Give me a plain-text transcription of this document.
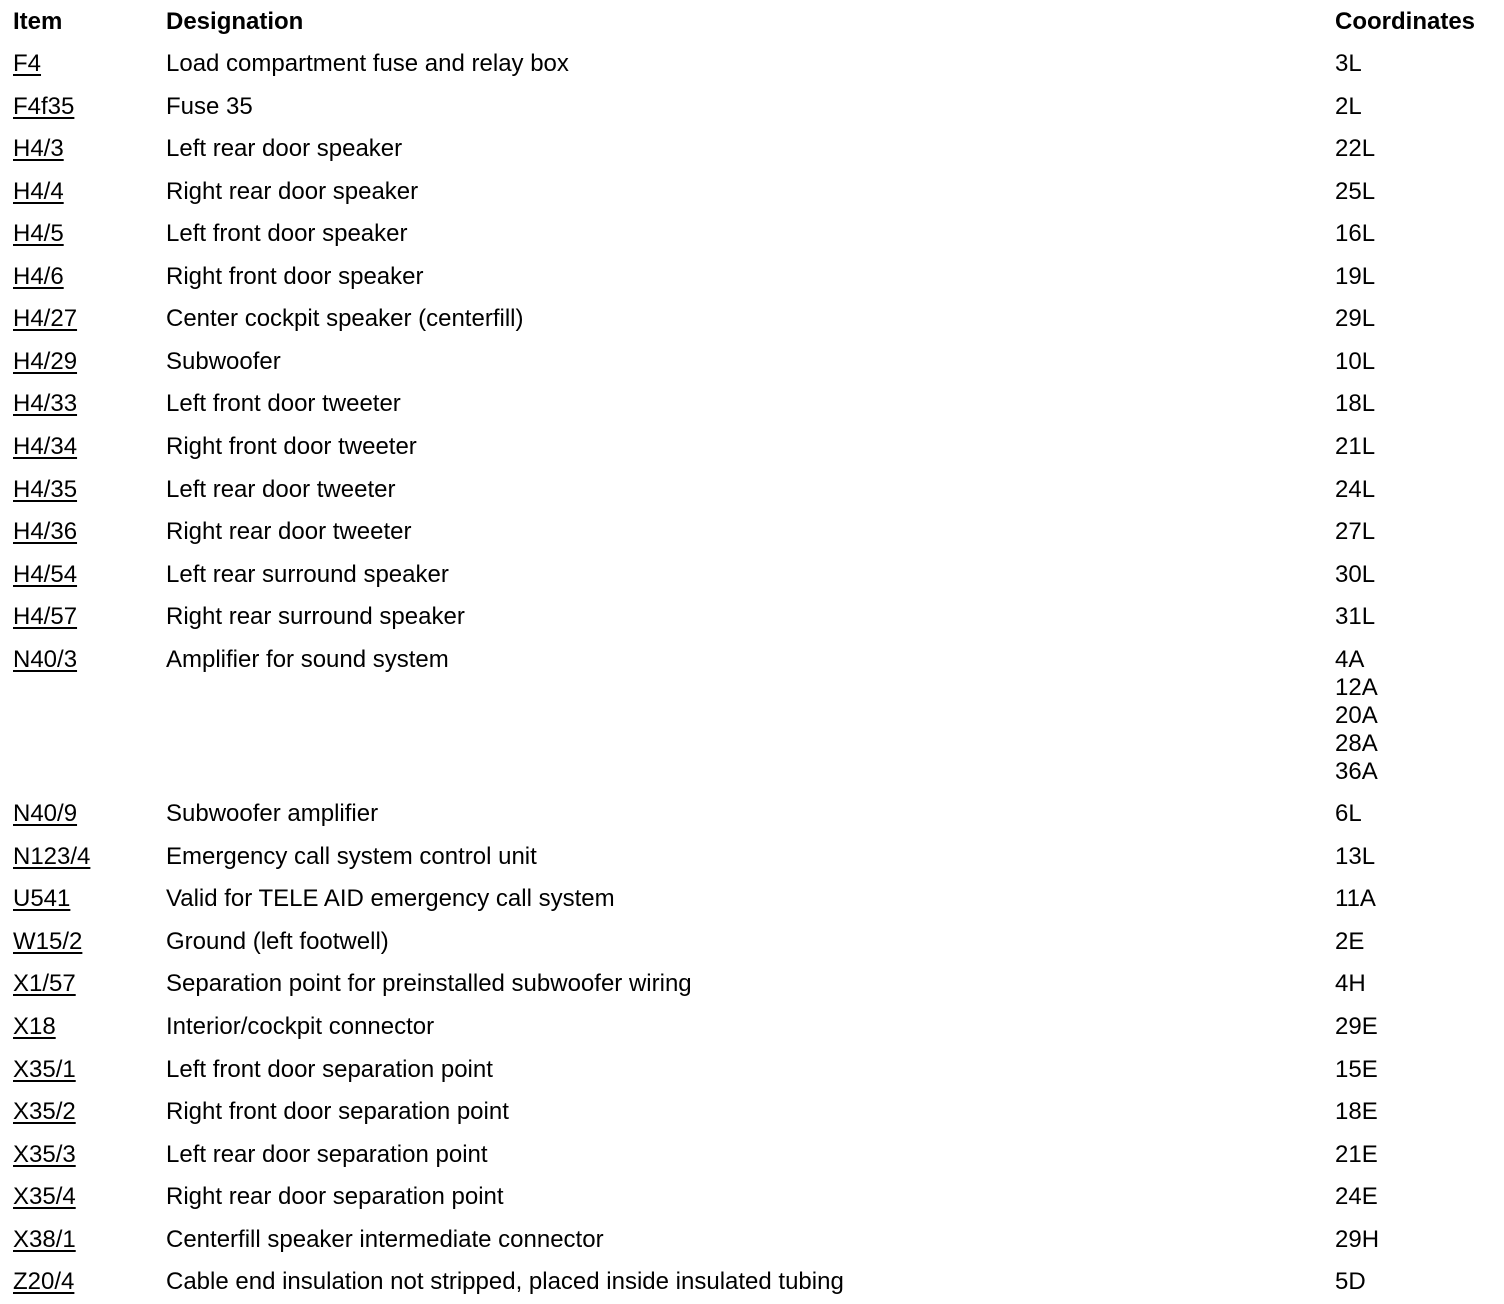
Item	Designation	Coordinates
F4	Load compartment fuse and relay box	3L
F4f35	Fuse 35	2L
H4/3	Left rear door speaker	22L
H4/4	Right rear door speaker	25L
H4/5	Left front door speaker	16L
H4/6	Right front door speaker	19L
H4/27	Center cockpit speaker (centerfill)	29L
H4/29	Subwoofer	10L
H4/33	Left front door tweeter	18L
H4/34	Right front door tweeter	21L
H4/35	Left rear door tweeter	24L
H4/36	Right rear door tweeter	27L
H4/54	Left rear surround speaker	30L
H4/57	Right rear surround speaker	31L
N40/3	Amplifier for sound system	4A
12A
20A
28A
36A
N40/9	Subwoofer amplifier	6L
N123/4	Emergency call system control unit	13L
U541	Valid for TELE AID emergency call system	11A
W15/2	Ground (left footwell)	2E
X1/57	Separation point for preinstalled subwoofer wiring	4H
X18	Interior/cockpit connector	29E
X35/1	Left front door separation point	15E
X35/2	Right front door separation point	18E
X35/3	Left rear door separation point	21E
X35/4	Right rear door separation point	24E
X38/1	Centerfill speaker intermediate connector	29H
Z20/4	Cable end insulation not stripped, placed inside insulated tubing	5D
